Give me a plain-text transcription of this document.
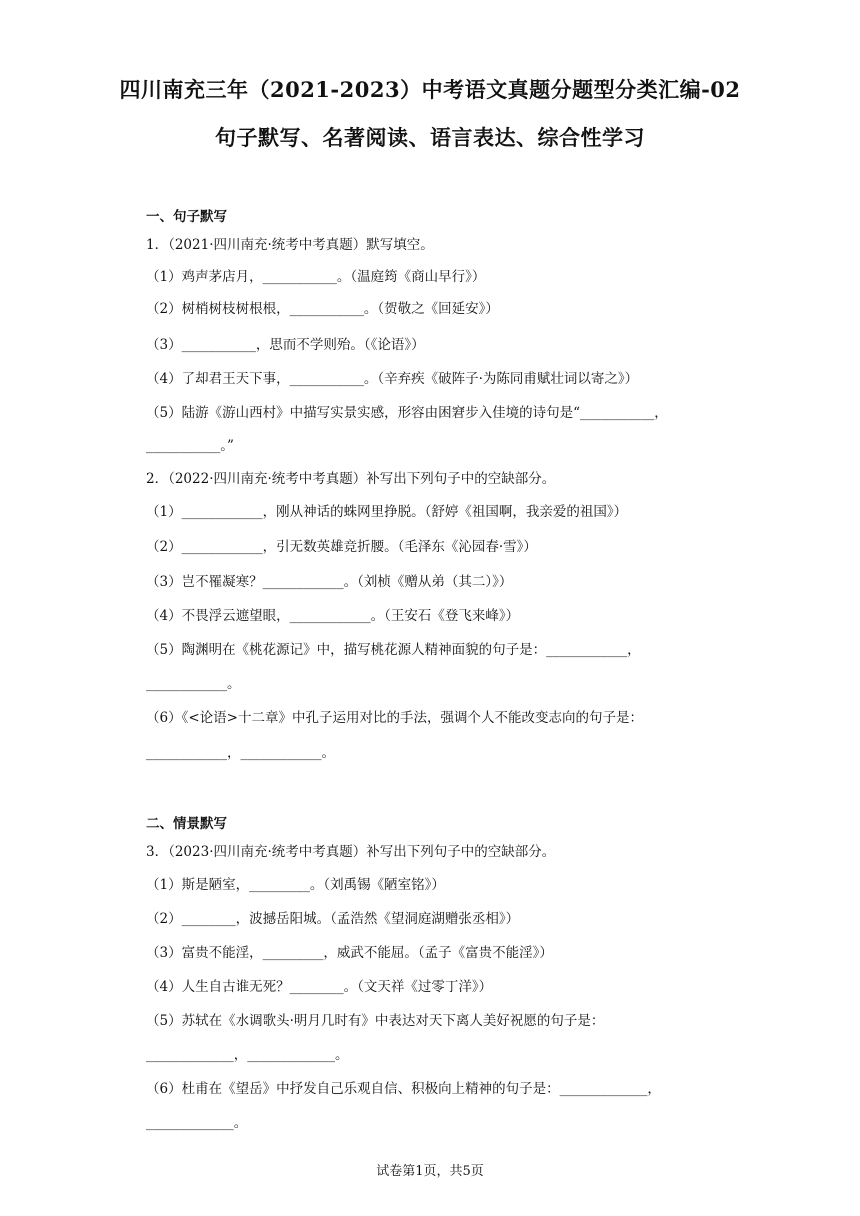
四川南充三年（2021-2023）中考语文真题分题型分类汇编-02
句子默写、名著阅读、语言表达、综合性学习
一、句子默写
1．（2021·四川南充·统考中考真题）默写填空。
（1）鸡声茅店月，___________。（温庭筠《商山早行》）
（2）树梢树枝树根根，___________。（贺敬之《回延安》）
（3）___________，思而不学则殆。（《论语》）
（4）了却君王天下事，___________。（辛弃疾《破阵子·为陈同甫赋壮词以寄之》）
（5）陆游《游山西村》中描写实景实感，形容由困窘步入佳境的诗句是“___________，
___________。”
2．（2022·四川南充·统考中考真题）补写出下列句子中的空缺部分。
（1）____________，刚从神话的蛛网里挣脱。（舒婷《祖国啊，我亲爱的祖国》）
（2）____________，引无数英雄竞折腰。（毛泽东《沁园春·雪》）
（3）岂不罹凝寒？____________。（刘桢《赠从弟（其二）》）
（4）不畏浮云遮望眼，____________。（王安石《登飞来峰》）
（5）陶渊明在《桃花源记》中，描写桃花源人精神面貌的句子是：____________，
____________。
（6）《<论语>十二章》中孔子运用对比的手法，强调个人不能改变志向的句子是：
____________，____________。
二、情景默写
3．（2023·四川南充·统考中考真题）补写出下列句子中的空缺部分。
（1）斯是陋室，_________。（刘禹锡《陋室铭》）
（2）________，波撼岳阳城。（孟浩然《望洞庭湖赠张丞相》）
（3）富贵不能淫，_________，威武不能屈。（孟子《富贵不能淫》）
（4）人生自古谁无死？________。（文天祥《过零丁洋》）
（5）苏轼在《水调歌头·明月几时有》中表达对天下离人美好祝愿的句子是：
_____________，_____________。
（6）杜甫在《望岳》中抒发自己乐观自信、积极向上精神的句子是：_____________，
_____________。
试卷第1页，共5页
